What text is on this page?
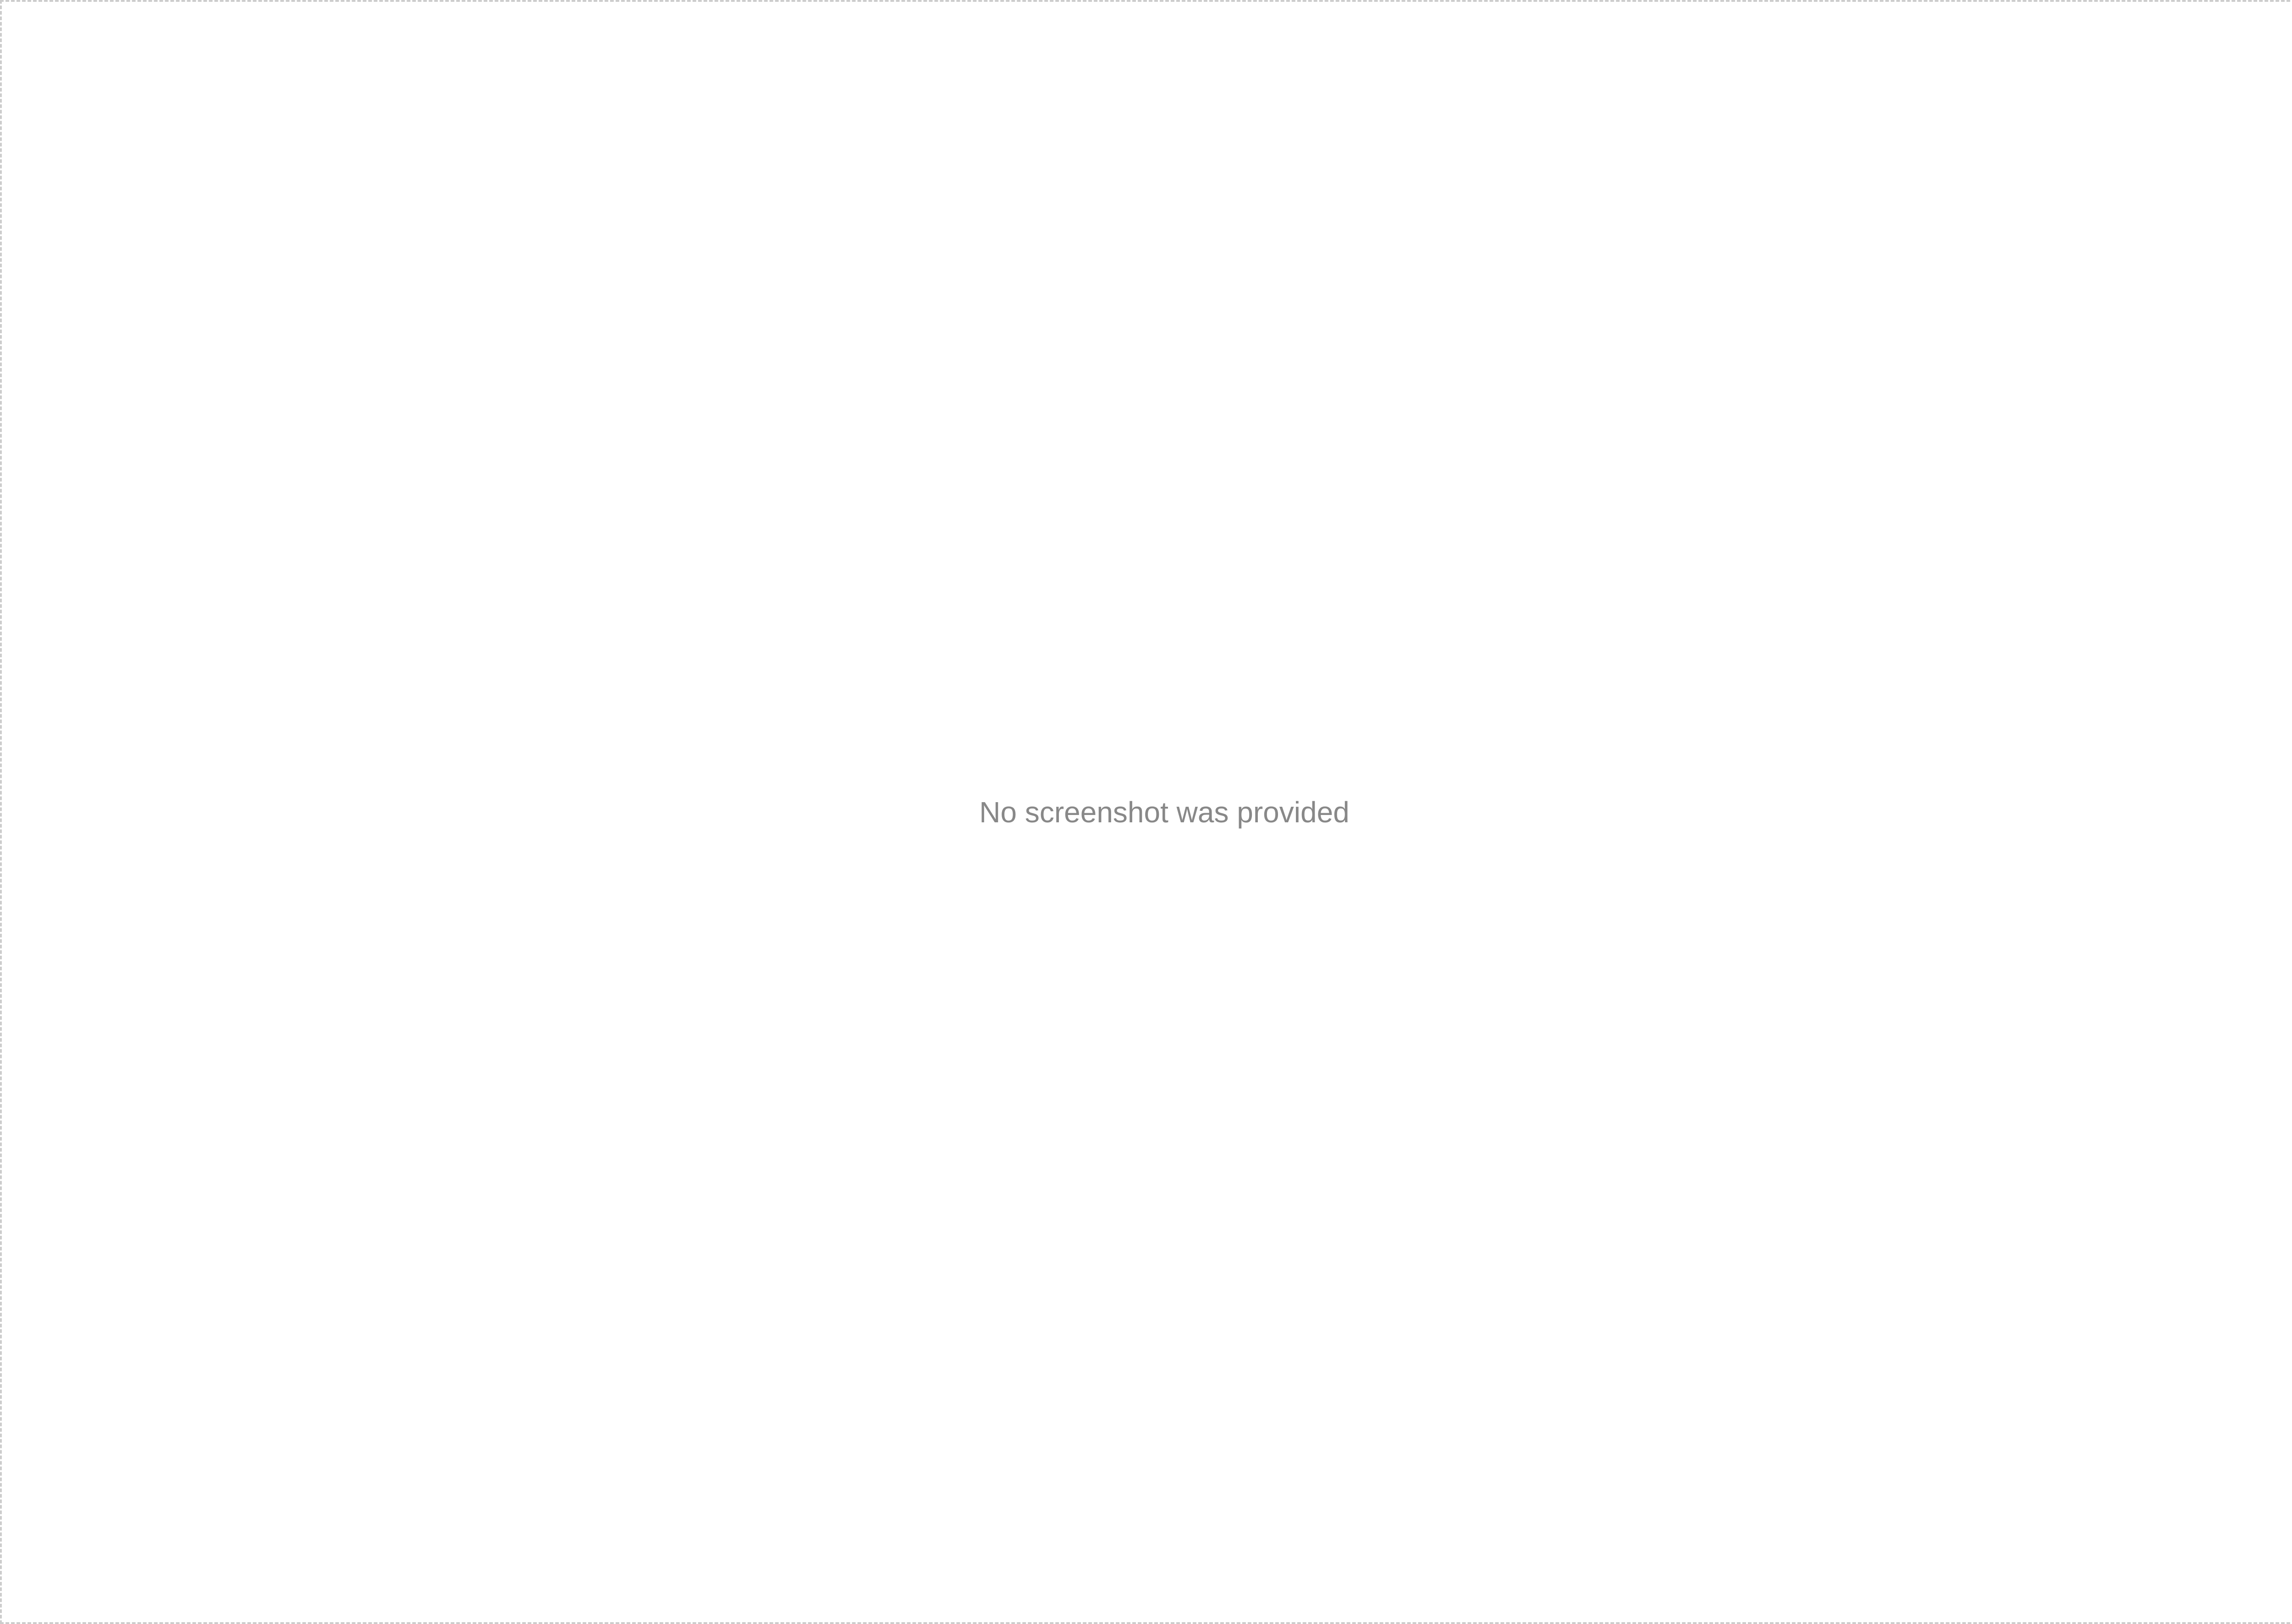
No screenshot was provided
